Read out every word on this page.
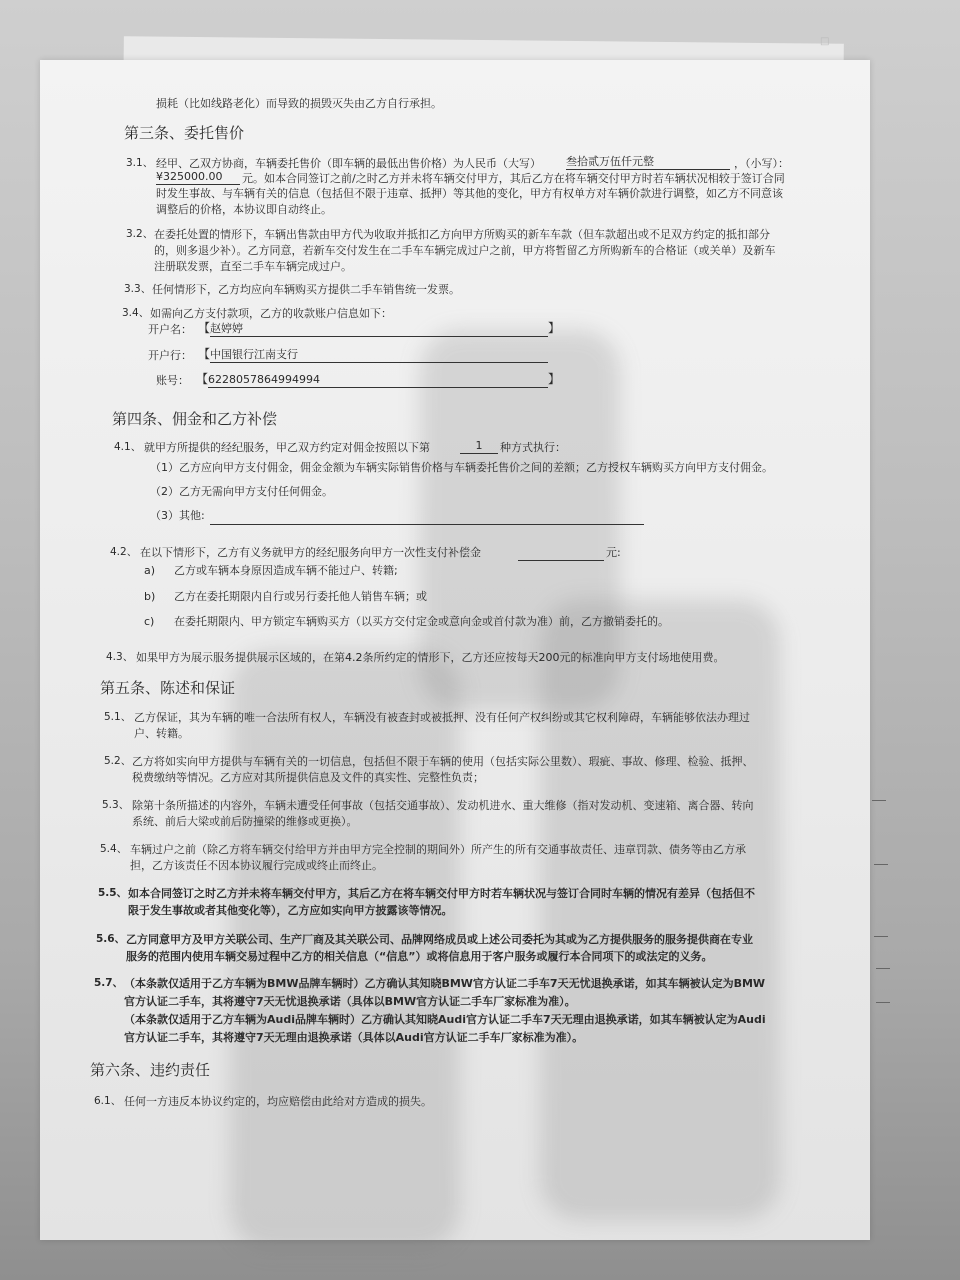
□
损耗（比如线路老化）而导致的损毁灭失由乙方自行承担。
第三条、委托售价
3.1、 经甲、乙双方协商，车辆委托售价（即车辆的最低出售价格）为人民币（大写） 叁拾贰万伍仟元整	，（小写）：
¥325000.00	元。如本合同签订之前/之时乙方并未将车辆交付甲方，其后乙方在将车辆交付甲方时若车辆状况相较于签订合同
时发生事故、与车辆有关的信息（包括但不限于违章、抵押）等其他的变化，甲方有权单方对车辆价款进行调整，如乙方不同意该
调整后的价格，本协议即自动终止。
3.2、 在委托处置的情形下，车辆出售款由甲方代为收取并抵扣乙方向甲方所购买的新车车款（但车款超出或不足双方约定的抵扣部分
的，则多退少补）。乙方同意，若新车交付发生在二手车车辆完成过户之前，甲方将暂留乙方所购新车的合格证（或关单）及新车
注册联发票，直至二手车车辆完成过户。
3.3、 任何情形下，乙方均应向车辆购买方提供二手车销售统一发票。
3.4、 如需向乙方支付款项，乙方的收款账户信息如下：
开户名： 【 赵婷婷	】
开户行： 【 中国银行江南支行
账号： 【 6228057864994994	】
第四条、佣金和乙方补偿
4.1、 就甲方所提供的经纪服务，甲乙双方约定对佣金按照以下第	1	种方式执行：
（1）乙方应向甲方支付佣金，佣金金额为车辆实际销售价格与车辆委托售价之间的差额；乙方授权车辆购买方向甲方支付佣金。
（2）乙方无需向甲方支付任何佣金。
（3）其他:
4.2、 在以下情形下，乙方有义务就甲方的经纪服务向甲方一次性支付补偿金	元:
a) 乙方或车辆本身原因造成车辆不能过户、转籍;
b) 乙方在委托期限内自行或另行委托他人销售车辆；或
c) 在委托期限内、甲方锁定车辆购买方（以买方交付定金或意向金或首付款为准）前，乙方撤销委托的。
4.3、 如果甲方为展示服务提供展示区域的，在第4.2条所约定的情形下，乙方还应按每天200元的标准向甲方支付场地使用费。
第五条、陈述和保证
5.1、 乙方保证，其为车辆的唯一合法所有权人，车辆没有被查封或被抵押、没有任何产权纠纷或其它权利障碍，车辆能够依法办理过
户、转籍。
5.2、 乙方将如实向甲方提供与车辆有关的一切信息，包括但不限于车辆的使用（包括实际公里数）、瑕疵、事故、修理、检验、抵押、
税费缴纳等情况。乙方应对其所提供信息及文件的真实性、完整性负责；
5.3、 除第十条所描述的内容外，车辆未遭受任何事故（包括交通事故）、发动机进水、重大维修（指对发动机、变速箱、离合器、转向
系统、前后大梁或前后防撞梁的维修或更换）。
5.4、 车辆过户之前（除乙方将车辆交付给甲方并由甲方完全控制的期间外）所产生的所有交通事故责任、违章罚款、债务等由乙方承
担，乙方该责任不因本协议履行完成或终止而终止。
5.5、 如本合同签订之时乙方并未将车辆交付甲方，其后乙方在将车辆交付甲方时若车辆状况与签订合同时车辆的情况有差异（包括但不
限于发生事故或者其他变化等），乙方应如实向甲方披露该等情况。
5.6、 乙方同意甲方及甲方关联公司、生产厂商及其关联公司、品牌网络成员或上述公司委托为其或为乙方提供服务的服务提供商在专业
服务的范围内使用车辆交易过程中乙方的相关信息（“信息”）或将信息用于客户服务或履行本合同项下的或法定的义务。
5.7、 （本条款仅适用于乙方车辆为BMW品牌车辆时）乙方确认其知晓BMW官方认证二手车7天无忧退换承诺，如其车辆被认定为BMW
官方认证二手车，其将遵守7天无忧退换承诺（具体以BMW官方认证二手车厂家标准为准）。
（本条款仅适用于乙方车辆为Audi品牌车辆时）乙方确认其知晓Audi官方认证二手车7天无理由退换承诺，如其车辆被认定为Audi
官方认证二手车，其将遵守7天无理由退换承诺（具体以Audi官方认证二手车厂家标准为准）。
第六条、违约责任
6.1、 任何一方违反本协议约定的，均应赔偿由此给对方造成的损失。
